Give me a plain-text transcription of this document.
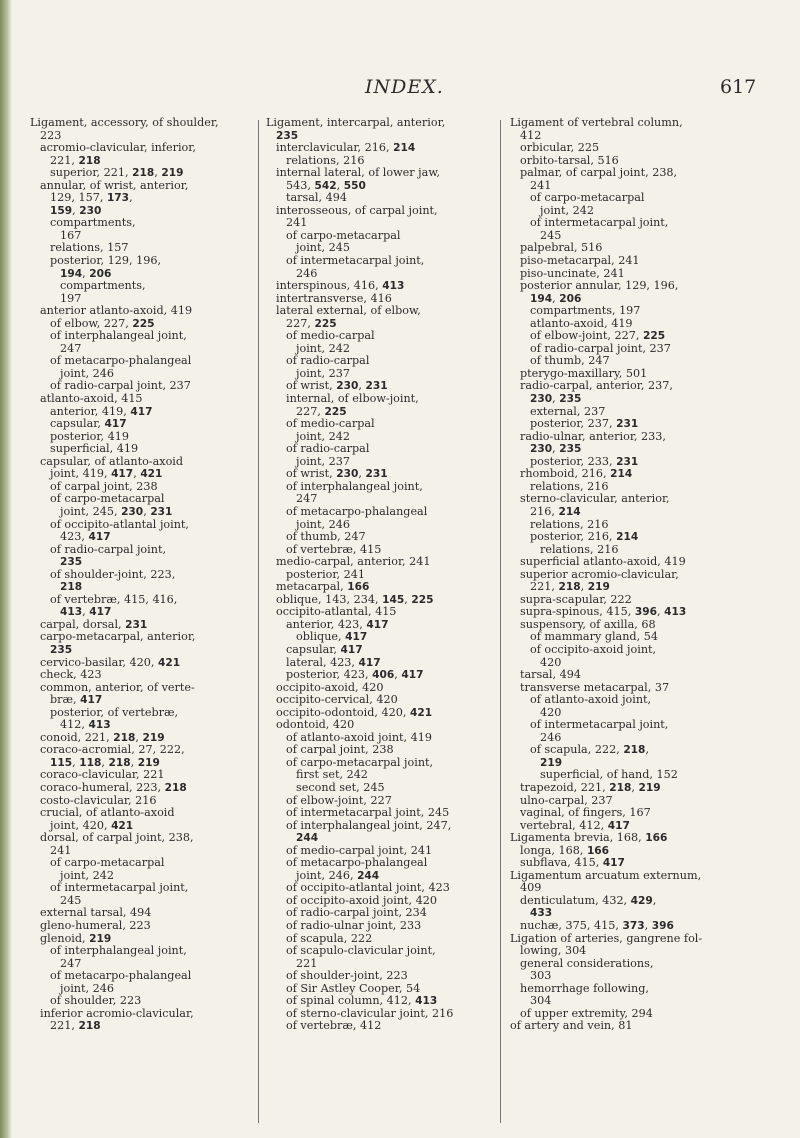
INDEX.	617
Ligament, accessory, of shoulder,
223
acromio-clavicular, inferior,
221, 218
superior, 221, 218, 219
annular, of wrist, anterior,
129, 157, 173,
159, 230
compartments,
167
relations, 157
posterior, 129, 196,
194, 206
compartments,
197
anterior atlanto-axoid, 419
of elbow, 227, 225
of interphalangeal joint,
247
of metacarpo-phalangeal
joint, 246
of radio-carpal joint, 237
atlanto-axoid, 415
anterior, 419, 417
capsular, 417
posterior, 419
superficial, 419
capsular, of atlanto-axoid
joint, 419, 417, 421
of carpal joint, 238
of carpo-metacarpal
joint, 245, 230, 231
of occipito-atlantal joint,
423, 417
of radio-carpal joint,
235
of shoulder-joint, 223,
218
of vertebræ, 415, 416,
413, 417
carpal, dorsal, 231
carpo-metacarpal, anterior,
235
cervico-basilar, 420, 421
check, 423
common, anterior, of verte-
bræ, 417
posterior, of vertebræ,
412, 413
conoid, 221, 218, 219
coraco-acromial, 27, 222,
115, 118, 218, 219
coraco-clavicular, 221
coraco-humeral, 223, 218
costo-clavicular, 216
crucial, of atlanto-axoid
joint, 420, 421
dorsal, of carpal joint, 238,
241
of carpo-metacarpal
joint, 242
of intermetacarpal joint,
245
external tarsal, 494
gleno-humeral, 223
glenoid, 219
of interphalangeal joint,
247
of metacarpo-phalangeal
joint, 246
of shoulder, 223
inferior acromio-clavicular,
221, 218
Ligament, intercarpal, anterior,
235
interclavicular, 216, 214
relations, 216
internal lateral, of lower jaw,
543, 542, 550
tarsal, 494
interosseous, of carpal joint,
241
of carpo-metacarpal
joint, 245
of intermetacarpal joint,
246
interspinous, 416, 413
intertransverse, 416
lateral external, of elbow,
227, 225
of medio-carpal
joint, 242
of radio-carpal
joint, 237
of wrist, 230, 231
internal, of elbow-joint,
227, 225
of medio-carpal
joint, 242
of radio-carpal
joint, 237
of wrist, 230, 231
of interphalangeal joint,
247
of metacarpo-phalangeal
joint, 246
of thumb, 247
of vertebræ, 415
medio-carpal, anterior, 241
posterior, 241
metacarpal, 166
oblique, 143, 234, 145, 225
occipito-atlantal, 415
anterior, 423, 417
oblique, 417
capsular, 417
lateral, 423, 417
posterior, 423, 406, 417
occipito-axoid, 420
occipito-cervical, 420
occipito-odontoid, 420, 421
odontoid, 420
of atlanto-axoid joint, 419
of carpal joint, 238
of carpo-metacarpal joint,
first set, 242
second set, 245
of elbow-joint, 227
of intermetacarpal joint, 245
of interphalangeal joint, 247,
244
of medio-carpal joint, 241
of metacarpo-phalangeal
joint, 246, 244
of occipito-atlantal joint, 423
of occipito-axoid joint, 420
of radio-carpal joint, 234
of radio-ulnar joint, 233
of scapula, 222
of scapulo-clavicular joint,
221
of shoulder-joint, 223
of Sir Astley Cooper, 54
of spinal column, 412, 413
of sterno-clavicular joint, 216
of vertebræ, 412
Ligament of vertebral column,
412
orbicular, 225
orbito-tarsal, 516
palmar, of carpal joint, 238,
241
of carpo-metacarpal
joint, 242
of intermetacarpal joint,
245
palpebral, 516
piso-metacarpal, 241
piso-uncinate, 241
posterior annular, 129, 196,
194, 206
compartments, 197
atlanto-axoid, 419
of elbow-joint, 227, 225
of radio-carpal joint, 237
of thumb, 247
pterygo-maxillary, 501
radio-carpal, anterior, 237,
230, 235
external, 237
posterior, 237, 231
radio-ulnar, anterior, 233,
230, 235
posterior, 233, 231
rhomboid, 216, 214
relations, 216
sterno-clavicular, anterior,
216, 214
relations, 216
posterior, 216, 214
relations, 216
superficial atlanto-axoid, 419
superior acromio-clavicular,
221, 218, 219
supra-scapular, 222
supra-spinous, 415, 396, 413
suspensory, of axilla, 68
of mammary gland, 54
of occipito-axoid joint,
420
tarsal, 494
transverse metacarpal, 37
of atlanto-axoid joint,
420
of intermetacarpal joint,
246
of scapula, 222, 218,
219
superficial, of hand, 152
trapezoid, 221, 218, 219
ulno-carpal, 237
vaginal, of fingers, 167
vertebral, 412, 417
Ligamenta brevia, 168, 166
longa, 168, 166
subflava, 415, 417
Ligamentum arcuatum externum,
409
denticulatum, 432, 429,
433
nuchæ, 375, 415, 373, 396
Ligation of arteries, gangrene fol-
lowing, 304
general considerations,
303
hemorrhage following,
304
of upper extremity, 294
of artery and vein, 81
